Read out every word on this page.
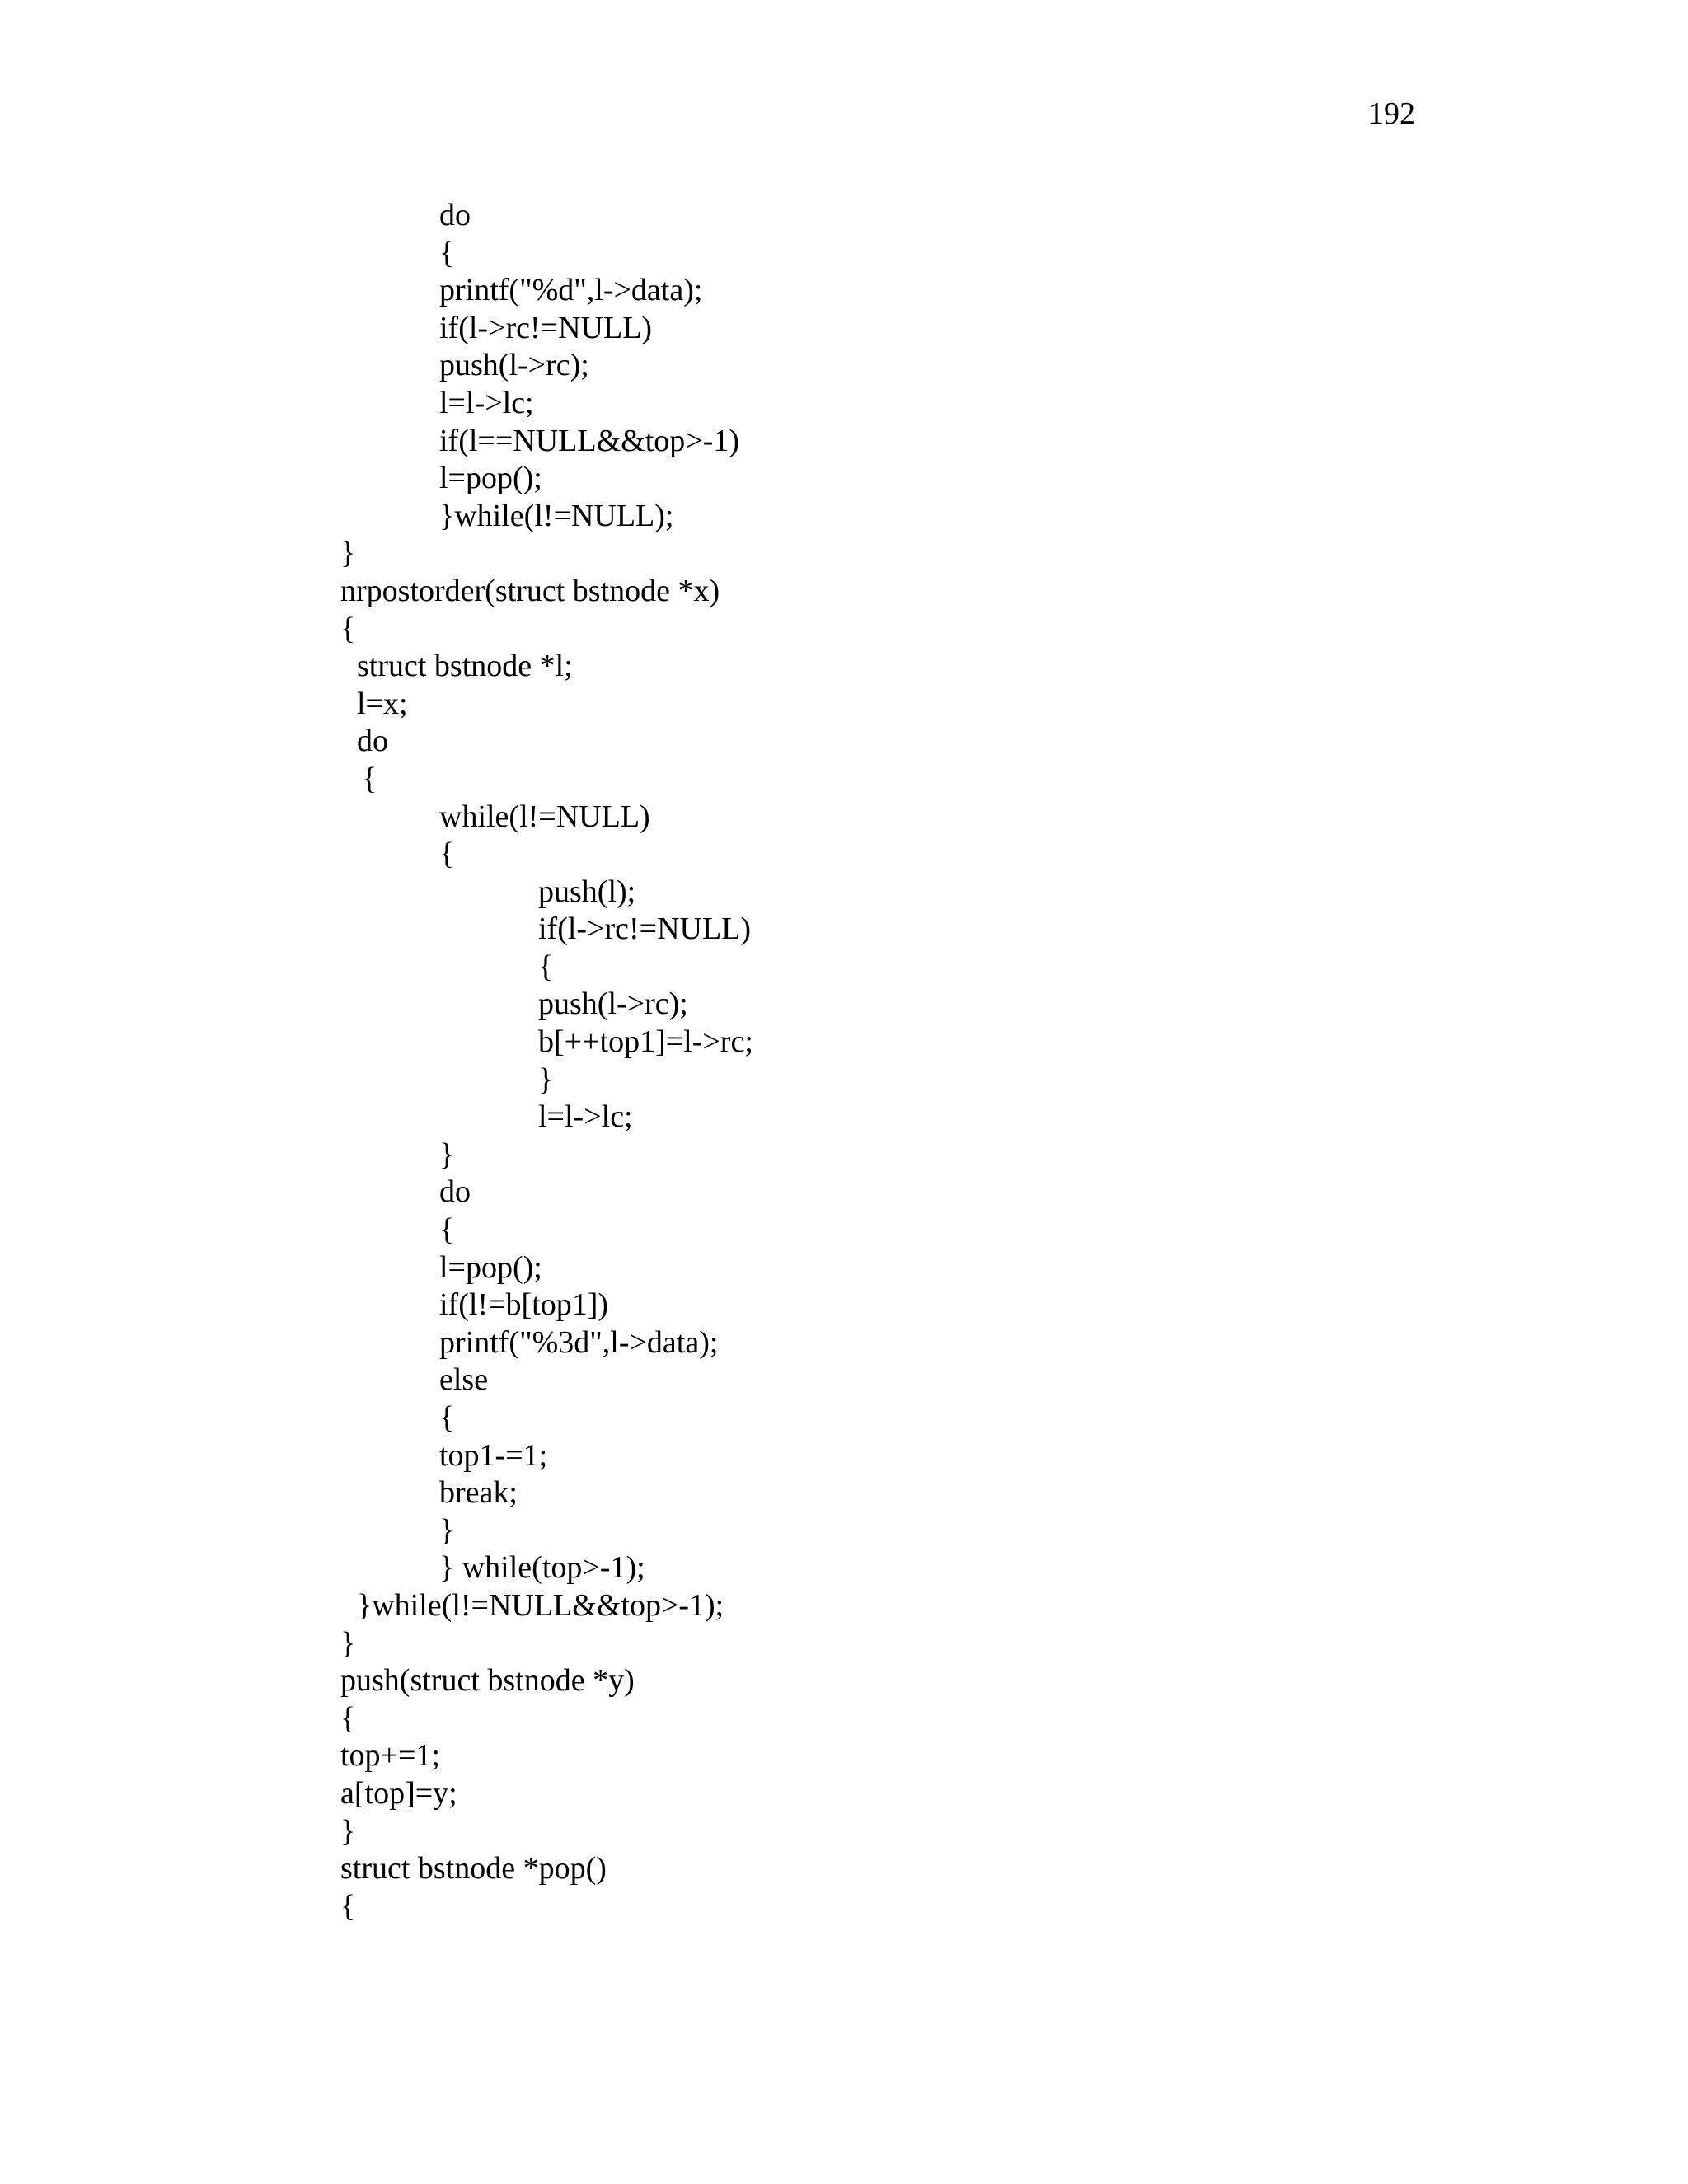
192
do
{
printf("%d",l->data);
if(l->rc!=NULL)
push(l->rc);
l=l->lc;
if(l==NULL&&top>-1)
l=pop();
}while(l!=NULL);
}
nrpostorder(struct bstnode *x)
{
struct bstnode *l;
l=x;
do
{
while(l!=NULL)
{
push(l);
if(l->rc!=NULL)
{
push(l->rc);
b[++top1]=l->rc;
}
l=l->lc;
}
do
{
l=pop();
if(l!=b[top1])
printf("%3d",l->data);
else
{
top1-=1;
break;
}
} while(top>-1);
}while(l!=NULL&&top>-1);
}
push(struct bstnode *y)
{
top+=1;
a[top]=y;
}
struct bstnode *pop()
{
